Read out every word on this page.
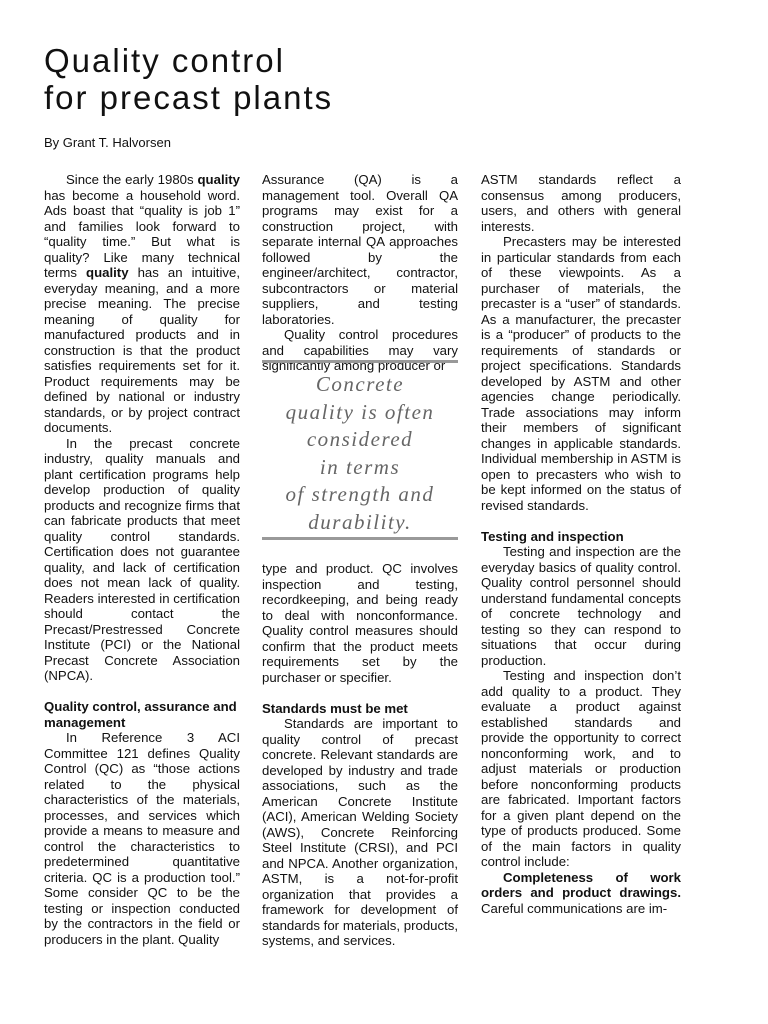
Quality control
for precast plants
By Grant T. Halvorsen

Since the early 1980s quality has become a household word. Ads boast that “quality is job 1” and families look forward to “quality time.” But what is quality? Like many technical terms quality has an intuitive, everyday meaning, and a more precise meaning. The precise meaning of quality for manufactured products and in construction is that the product satisfies requirements set for it. Product requirements may be defined by national or industry standards, or by project contract documents.

In the precast concrete industry, quality manuals and plant certification programs help develop production of quality products and recognize firms that can fabricate products that meet quality control standards. Certification does not guarantee quality, and lack of certification does not mean lack of quality. Readers interested in certification should contact the Precast/Prestressed Concrete Institute (PCI) or the National Precast Concrete Association (NPCA).

Quality control, assurance and management

In Reference 3 ACI Committee 121 defines Quality Control (QC) as “those actions related to the physical characteristics of the materials, processes, and services which provide a means to measure and control the characteristics to predetermined quantitative criteria. QC is a production tool.” Some consider QC to be the testing or inspection conducted by the contractors in the field or producers in the plant. Quality

Assurance (QA) is a management tool. Overall QA programs may exist for a construction project, with separate internal QA approaches followed by the engineer/architect, contractor, subcontractors or material suppliers, and testing laboratories.

Quality control procedures and capabilities may vary significantly among producer or

Concrete
quality is often
considered
in terms
of strength and
durability.

type and product. QC involves inspection and testing, recordkeeping, and being ready to deal with nonconformance. Quality control measures should confirm that the product meets requirements set by the purchaser or specifier.

Standards must be met

Standards are important to quality control of precast concrete. Relevant standards are developed by industry and trade associations, such as the American Concrete Institute (ACI), American Welding Society (AWS), Concrete Reinforcing Steel Institute (CRSI), and PCI and NPCA. Another organization, ASTM, is a not-for-profit organization that provides a framework for development of standards for materials, products, systems, and services.

ASTM standards reflect a consensus among producers, users, and others with general interests.

Precasters may be interested in particular standards from each of these viewpoints. As a purchaser of materials, the precaster is a “user” of standards. As a manufacturer, the precaster is a “producer” of products to the requirements of standards or project specifications. Standards developed by ASTM and other agencies change periodically. Trade associations may inform their members of significant changes in applicable standards. Individual membership in ASTM is open to precasters who wish to be kept informed on the status of revised standards.

Testing and inspection

Testing and inspection are the everyday basics of quality control. Quality control personnel should understand fundamental concepts of concrete technology and testing so they can respond to situations that occur during production.

Testing and inspection don’t add quality to a product. They evaluate a product against established standards and provide the opportunity to correct nonconforming work, and to adjust materials or production before nonconforming products are fabricated. Important factors for a given plant depend on the type of products produced. Some of the main factors in quality control include:

Completeness of work orders and product drawings. Careful communications are im-
